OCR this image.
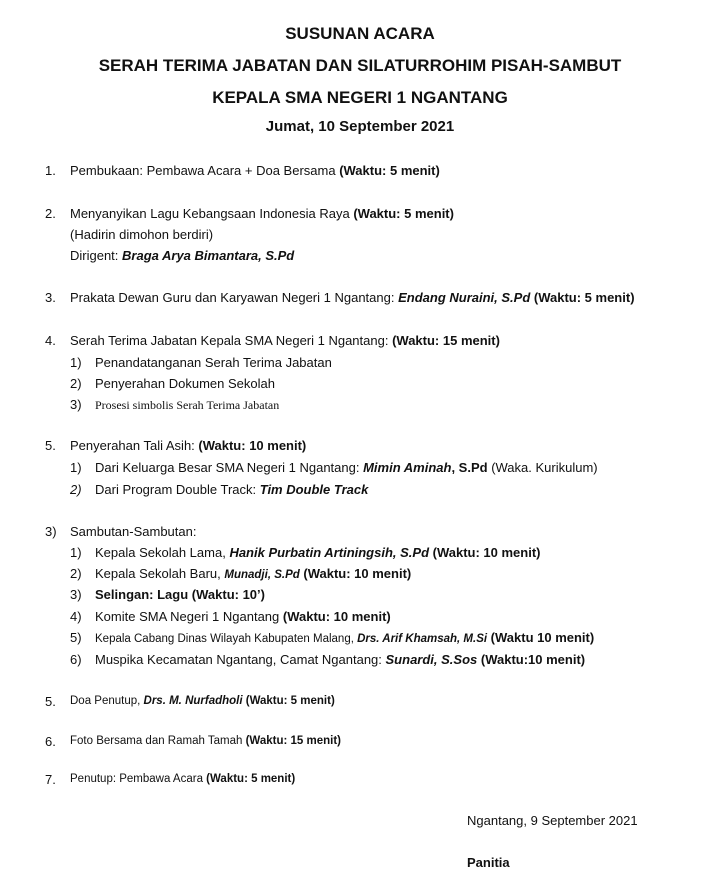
SUSUNAN ACARA
SERAH TERIMA JABATAN DAN SILATURROHIM PISAH-SAMBUT
KEPALA SMA NEGERI 1 NGANTANG
Jumat, 10 September 2021
1. Pembukaan: Pembawa Acara + Doa Bersama (Waktu: 5 menit)
2. Menyanyikan Lagu Kebangsaan Indonesia Raya (Waktu: 5 menit)
(Hadirin dimohon berdiri)
Dirigent: Braga Arya Bimantara, S.Pd
3. Prakata Dewan Guru dan Karyawan Negeri 1 Ngantang: Endang Nuraini, S.Pd (Waktu: 5 menit)
4. Serah Terima Jabatan Kepala SMA Negeri 1 Ngantang: (Waktu: 15 menit)
1) Penandatanganan Serah Terima Jabatan
2) Penyerahan Dokumen Sekolah
3) Prosesi simbolis Serah Terima Jabatan
5. Penyerahan Tali Asih: (Waktu: 10 menit)
1) Dari Keluarga Besar SMA Negeri 1 Ngantang: Mimin Aminah, S.Pd (Waka. Kurikulum)
2) Dari Program Double Track: Tim Double Track
3) Sambutan-Sambutan:
1) Kepala Sekolah Lama, Hanik Purbatin Artiningsih, S.Pd (Waktu: 10 menit)
2) Kepala Sekolah Baru, Munadji, S.Pd (Waktu: 10 menit)
3) Selingan: Lagu (Waktu: 10’)
4) Komite SMA Negeri 1 Ngantang (Waktu: 10 menit)
5) Kepala Cabang Dinas Wilayah Kabupaten Malang, Drs. Arif Khamsah, M.Si (Waktu 10 menit)
6) Muspika Kecamatan Ngantang, Camat Ngantang: Sunardi, S.Sos (Waktu:10 menit)
5. Doa Penutup, Drs. M. Nurfadholi (Waktu: 5 menit)
6. Foto Bersama dan Ramah Tamah (Waktu: 15 menit)
7. Penutup: Pembawa Acara (Waktu: 5 menit)
Ngantang, 9 September 2021
Panitia
